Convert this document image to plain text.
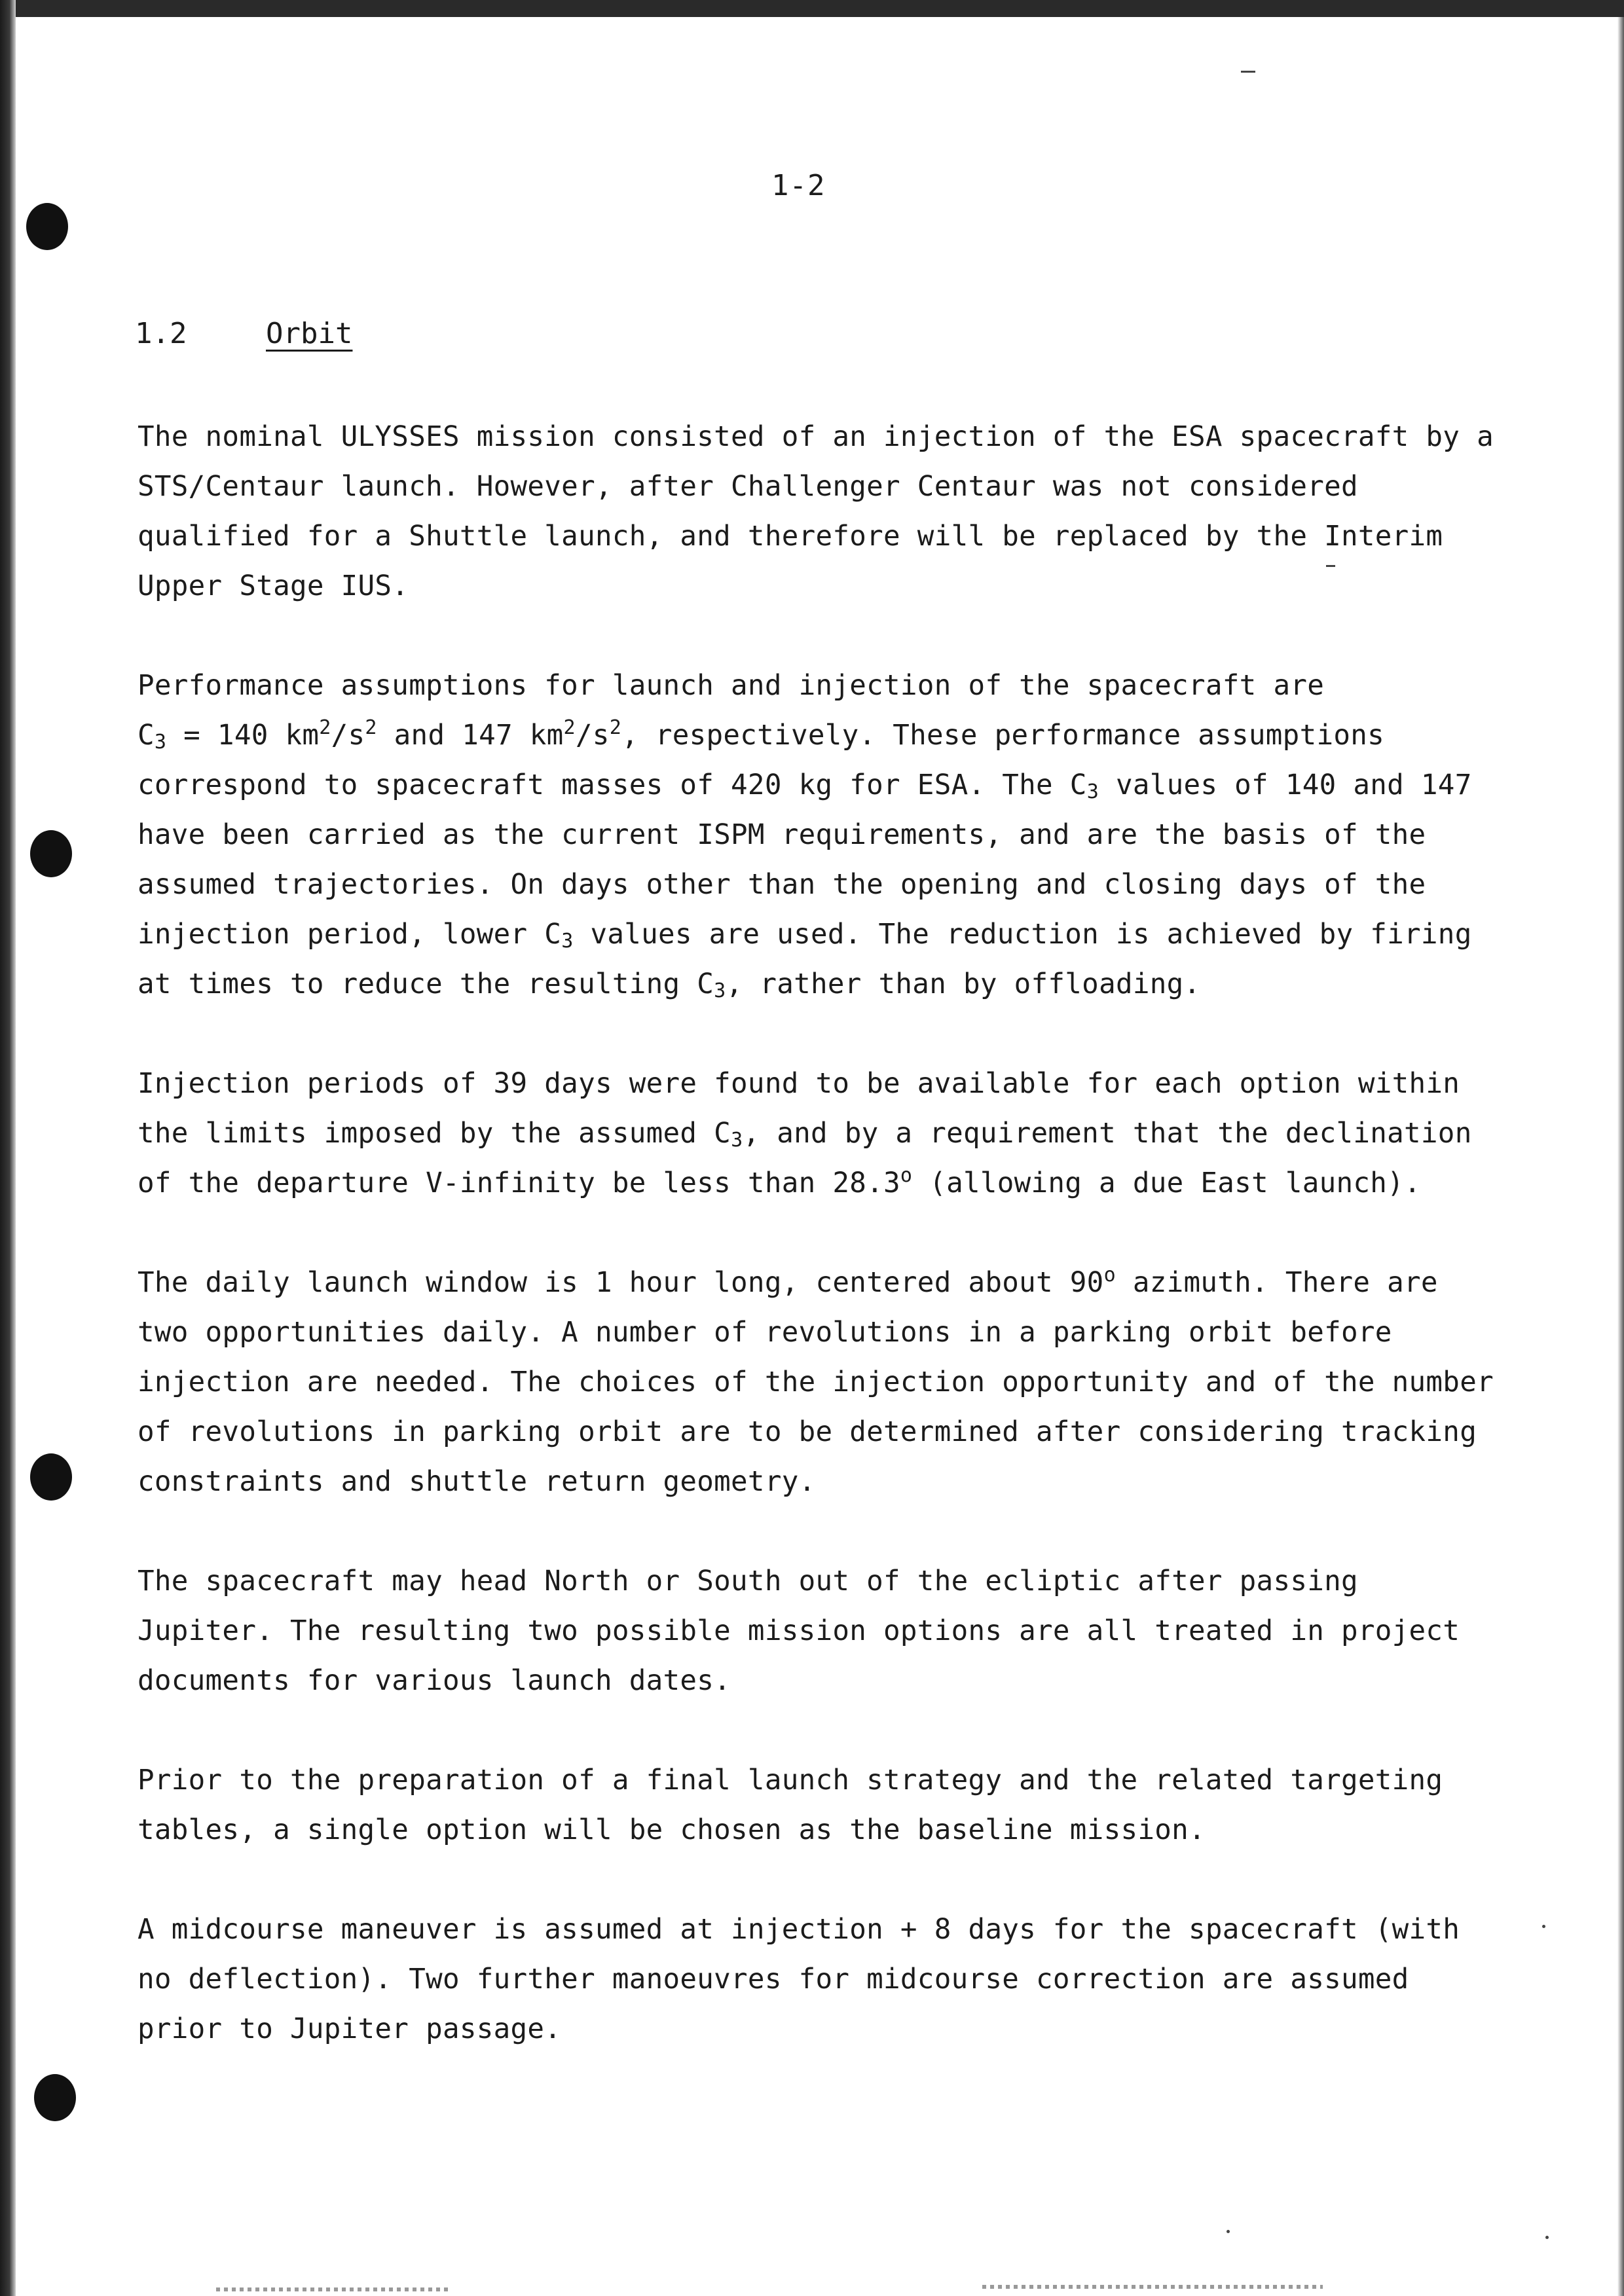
1-2
1.2	Orbit

The nominal ULYSSES mission consisted of an injection of the ESA spacecraft by a
STS/Centaur launch. However, after Challenger Centaur was not considered
qualified for a Shuttle launch, and therefore will be replaced by the Interim
Upper Stage IUS.

Performance assumptions for launch and injection of the spacecraft are
$C_3 = 140$ $km^2/s^2$ and 147 $km^2/s^2$, respectively. These performance assumptions
correspond to spacecraft masses of 420 kg for ESA. The $C_3$ values of 140 and 147
have been carried as the current ISPM requirements, and are the basis of the
assumed trajectories. On days other than the opening and closing days of the
injection period, lower $C_3$ values are used. The reduction is achieved by firing
at times to reduce the resulting $C_3$, rather than by offloading.

Injection periods of 39 days were found to be available for each option within
the limits imposed by the assumed $C_3$, and by a requirement that the declination
of the departure V-infinity be less than 28.3$^o$ (allowing a due East launch).

The daily launch window is 1 hour long, centered about 90$^o$ azimuth. There are
two opportunities daily. A number of revolutions in a parking orbit before
injection are needed. The choices of the injection opportunity and of the number
of revolutions in parking orbit are to be determined after considering tracking
constraints and shuttle return geometry.

The spacecraft may head North or South out of the ecliptic after passing
Jupiter. The resulting two possible mission options are all treated in project
documents for various launch dates.

Prior to the preparation of a final launch strategy and the related targeting
tables, a single option will be chosen as the baseline mission.

A midcourse maneuver is assumed at injection + 8 days for the spacecraft (with
no deflection). Two further manoeuvres for midcourse correction are assumed
prior to Jupiter passage.
